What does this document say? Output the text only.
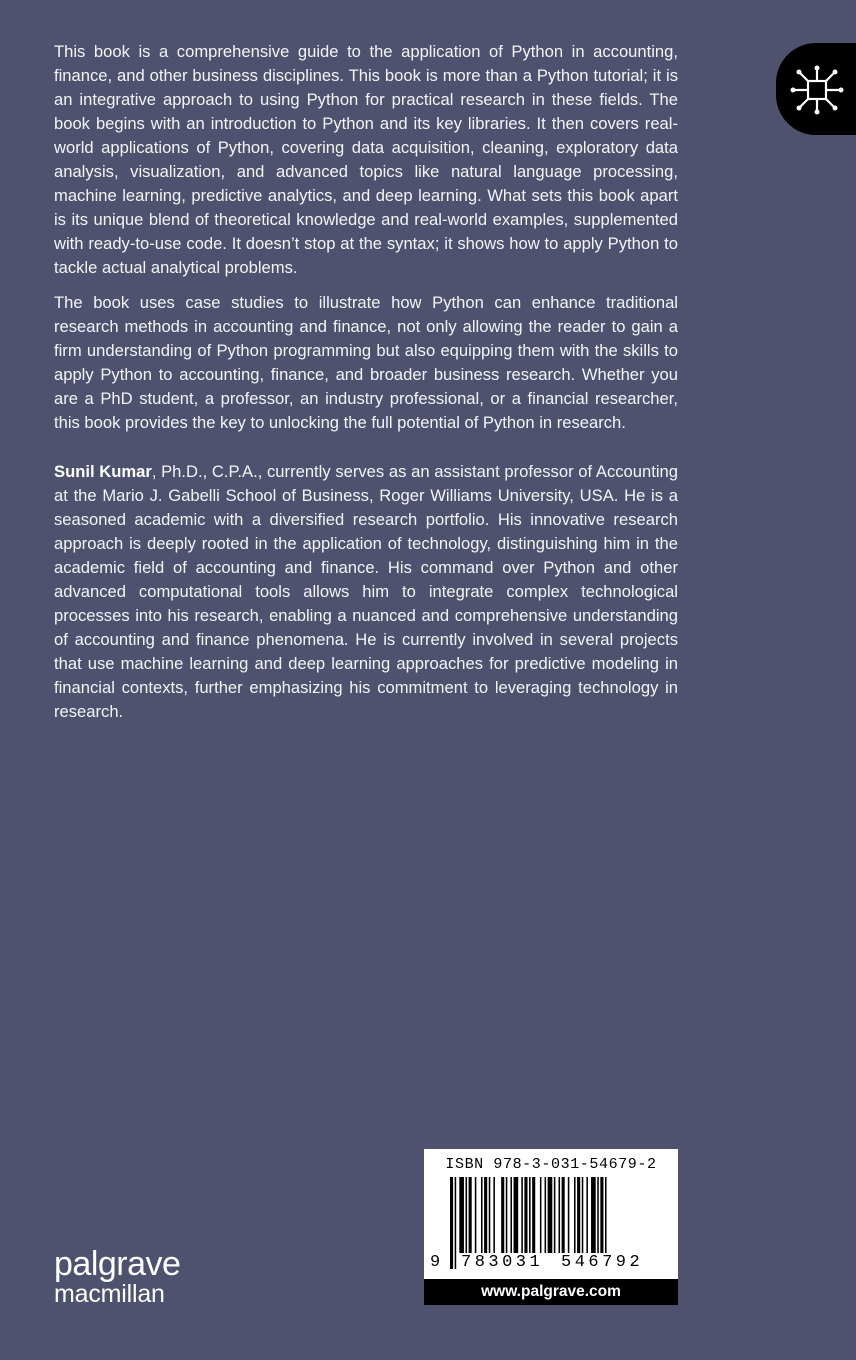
This book is a comprehensive guide to the application of Python in accounting, finance, and other business disciplines. This book is more than a Python tutorial; it is an integrative approach to using Python for practical research in these fields. The book begins with an introduction to Python and its key libraries. It then covers real-world applications of Python, covering data acquisition, cleaning, exploratory data analysis, visualization, and advanced topics like natural language processing, machine learning, predictive analytics, and deep learning. What sets this book apart is its unique blend of theoretical knowledge and real-world examples, supplemented with ready-to-use code. It doesn’t stop at the syntax; it shows how to apply Python to tackle actual analytical problems.

The book uses case studies to illustrate how Python can enhance traditional research methods in accounting and finance, not only allowing the reader to gain a firm understanding of Python programming but also equipping them with the skills to apply Python to accounting, finance, and broader business research. Whether you are a PhD student, a professor, an industry professional, or a financial researcher, this book provides the key to unlocking the full potential of Python in research.

Sunil Kumar, Ph.D., C.P.A., currently serves as an assistant professor of Accounting at the Mario J. Gabelli School of Business, Roger Williams University, USA. He is a seasoned academic with a diversified research portfolio. His innovative research approach is deeply rooted in the application of technology, distinguishing him in the academic field of accounting and finance. His command over Python and other advanced computational tools allows him to integrate complex technological processes into his research, enabling a nuanced and comprehensive understanding of accounting and finance phenomena. He is currently involved in several projects that use machine learning and deep learning approaches for predictive modeling in financial contexts, further emphasizing his commitment to leveraging technology in research.

palgrave
macmillan
ISBN 978-3-031-54679-2
9 783031	546792
www.palgrave.com
